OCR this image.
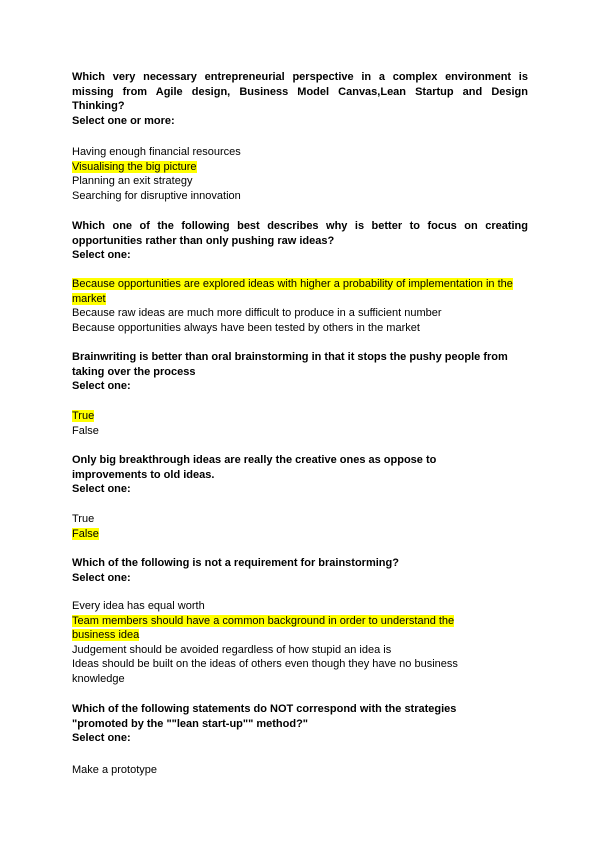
Which very necessary entrepreneurial perspective in a complex environment is missing from Agile design, Business Model Canvas,Lean Startup and Design Thinking?
Select one or more:
Having enough financial resources
Visualising the big picture
Planning an exit strategy
Searching for disruptive innovation
Which one of the following best describes why is better to focus on creating opportunities rather than only pushing raw ideas?
Select one:
Because opportunities are explored ideas with higher a probability of implementation in the market
Because raw ideas are much more difficult to produce in a sufficient number
Because opportunities always have been tested by others in the market
Brainwriting is better than oral brainstorming in that it stops the pushy people from taking over the process
Select one:
True
False
Only big breakthrough ideas are really the creative ones as oppose to improvements to old ideas.
Select one:
True
False
Which of the following is not a requirement for brainstorming?
Select one:
Every idea has equal worth
Team members should have a common background in order to understand the business idea
Judgement should be avoided regardless of how stupid an idea is
Ideas should be built on the ideas of others even though they have no business knowledge
Which of the following statements do NOT correspond with the strategies "promoted by the ""lean start-up"" method?"
Select one:
Make a prototype
